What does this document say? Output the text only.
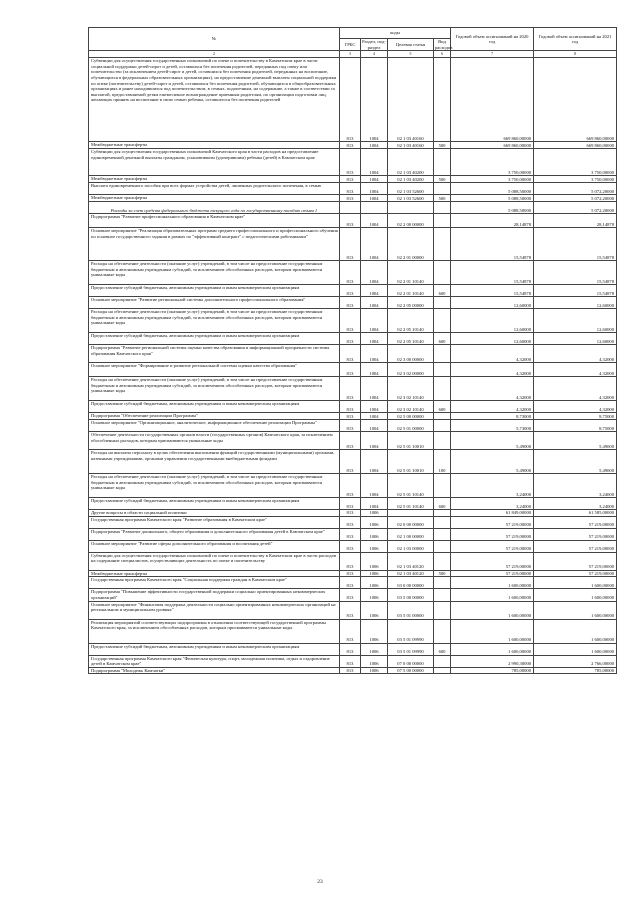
№	коды				Годовой объем ассигнований на 2020 год	Годовой объем ассигнований на 2021 год
	ГРБС	Раздел, под-раздел	Целевая статья	Вид расходов		
2	3	4	5	6	7	8
Субвенции для осуществления государственных полномочий по опеке и попечительству в Камчатском крае в части социальной поддержки детей-сирот и детей, оставшихся без попечения родителей, переданных под опеку или попечительство (за исключением детей-сирот и детей, оставшихся без попечения родителей, переданных на воспитание, обучающихся в федеральных образовательных организациях), на предоставление денежной выплаты социальной поддержки по опеке (попечительству) детей-сирот и детей, оставшихся без попечения родителей, обучающихся в общеобразовательных организациях и ранее находившихся под попечительством, в семьях, подопечным, на содержание, а также в соответствии со выплатой, предоставляемой детям ежемесячное вознаграждение приемным родителям, по организации подготовки лиц, желающих принять на воспитание в свою семью ребенка, оставшегося без попечения родителей	813	1004	02 1 03 40160		669 860,00000	669 860,00000
Межбюджетные трансферты	813	1004	02 1 03 40160	500	669 860,00000	669 860,00000
Субвенции для осуществления государственных полномочий Камчатского края в части расходов на предоставление единовременной денежной выплаты гражданам, усыновившим (удочерившим) ребенка (детей) в Камчатском крае	813	1004	02 1 03 40200		3 750,00000	3 750,00000
Межбюджетные трансферты	813	1004	02 1 03 40200	500	3 750,00000	3 750,00000
Выплата единовременного пособия при всех формах устройства детей, лишенных родительского попечения, в семью	813	1004	02 1 03 52600		5 088,50000	5 072,20000
Межбюджетные трансферты	813	1004	02 1 03 52600	500	5 088,50000	5 072,20000
Расходы за счет средств федерального бюджета текущего года по государственному пособию стьям 1					5 088,50000	5 072,20000
Подпрограмма "Развитие профессионального образования в Камчатском крае"	813	1004	02 2 00 00000		28,14878	28,14878
Основное мероприятие "Реализация образовательных программ среднего профессионального и профессионального обучения по основное государственного задания в рамках по "эффективный контракт" с педагогическими работниками"	813	1004	02 2 01 00000		15,54878	15,54878
Расходы на обеспечение деятельности (оказание услуг) учреждений, в том числе на предоставление государственным бюджетным и автономным учреждениям субсидий, за исключением обособленных расходов, которым присваиваются уникальные коды	813	1004	02 2 01 10140		15,54878	15,54878
Предоставление субсидий бюджетным, автономным учреждениям и иным некоммерческим организациям	813	1004	02 2 01 10140	600	15,54878	15,54878
Основное мероприятие "Развитие региональной системы дополнительного профессионального образования"	813	1004	02 2 05 00000		12,60000	12,60000
Расходы на обеспечение деятельности (оказание услуг) учреждений, в том числе на предоставление государственным бюджетным и автономным учреждениям субсидий, за исключением обособленных расходов, которым присваиваются уникальные коды	813	1004	02 2 05 10140		12,60000	12,60000
Предоставление субсидий бюджетным, автономным учреждениям и иным некоммерческим организациям	813	1004	02 2 05 10140	600	12,60000	12,60000
Подпрограмма "Развитие региональной системы оценки качества образования и информационной прозрачности системы образования Камчатского края"	813	1004	02 3 00 00000		4,32000	4,32000
Основное мероприятие "Формирование и развитие региональной системы оценки качества образования"	813	1004	02 3 02 00000		4,32000	4,32000
Расходы на обеспечение деятельности (оказание услуг) учреждений, в том числе на предоставление государственным бюджетным и автономным учреждениям субсидий, за исключением обособленных расходов, которым присваиваются уникальные коды	813	1004	02 3 02 10140		4,32000	4,32000
Предоставление субсидий бюджетным, автономным учреждениям и иным некоммерческим организациям	813	1004	02 3 02 10140	600	4,32000	4,32000
Подпрограмма "Обеспечение реализации Программы"	813	1004	02 5 00 00000		8,73000	8,75000
Основное мероприятие "Организационное, аналитическое, информационное обеспечение реализации Программы"	813	1004	02 5 01 00000		5,73000	8,75000
Обеспечение деятельности государственных органов власти (государственных органов) Камчатского края, за исключением обособленных расходов, которым присваиваются уникальные коды	813	1004	02 5 01 10010		5,49000	5,49000
Расходы на выплаты персоналу в целях обеспечения выполнения функций государственными (муниципальными) органами, казенными учреждениями, органами управления государственными внебюджетными фондами	813	1004	02 5 01 10010	100	5,49000	5,49000
Расходы на обеспечение деятельности (оказание услуг) учреждений, в том числе на предоставление государственным бюджетным и автономным учреждениям субсидий, за исключением обособленных расходов, которым присваиваются уникальные коды	813	1004	02 5 01 10140		3,24000	3,24000
Предоставление субсидий бюджетным, автономным учреждениям и иным некоммерческим организациям	813	1004	02 5 01 10140	600	3,24000	3,24000
Другие вопросы в области социальной политики	813	1006			61 849,00000	61 585,00000
Государственная программа Камчатского края "Развитие образования в Камчатском крае"	813	1006	02 0 00 00000		57 219,00000	57 219,00000
Подпрограмма "Развитие дошкольного, общего образования и дополнительного образования детей в Камчатском крае"	813	1006	02 1 00 00000		57 219,00000	57 219,00000
Основное мероприятие "Развитие сферы дополнительного образования и воспитания детей"	813	1006	02 1 03 00000		57 219,00000	57 219,00000
Субвенции для осуществления государственных полномочий по опеке и попечительству в Камчатском крае в части расходов на содержание специалистов, осуществляющих деятельность по опеке и попечительству	813	1006	02 1 03 40120		57 219,00000	57 219,00000
Межбюджетные трансферты	813	1006	02 1 03 40120	500	57 219,00000	57 219,00000
Государственная программа Камчатского края "Социальная поддержка граждан в Камчатском крае"	813	1006	03 0 00 00000		1 600,00000	1 600,00000
Подпрограмма "Повышение эффективности государственной поддержки социально ориентированных некоммерческих организаций"	813	1006	03 5 00 00000		1 600,00000	1 600,00000
Основное мероприятие "Финансовая поддержка деятельности социально ориентированных некоммерческих организаций на региональном и муниципальном уровнях"	813	1006	03 5 01 00000		1 600,00000	1 600,00000
Реализация мероприятий соответствующих подпрограммы в отношении соответствующей государственной программы Камчатского края, за исключением обособленных расходов, которым присваиваются уникальные коды	813	1006	03 5 01 09990		1 600,00000	1 600,00000
Предоставление субсидий бюджетным, автономным учреждениям и иным некоммерческим организациям	813	1006	03 5 01 09990	600	1 600,00000	1 600,00000
Государственная программа Камчатского края "Физическая культура, спорт, молодежная политика, отдых и оздоровление детей в Камчатском крае"	813	1006	07 0 00 00000		2 990,30000	2 766,00000
Подпрограмма "Молодежь Камчатки"	813	1006	07 5 00 00000		785,00000	785,00000
23
